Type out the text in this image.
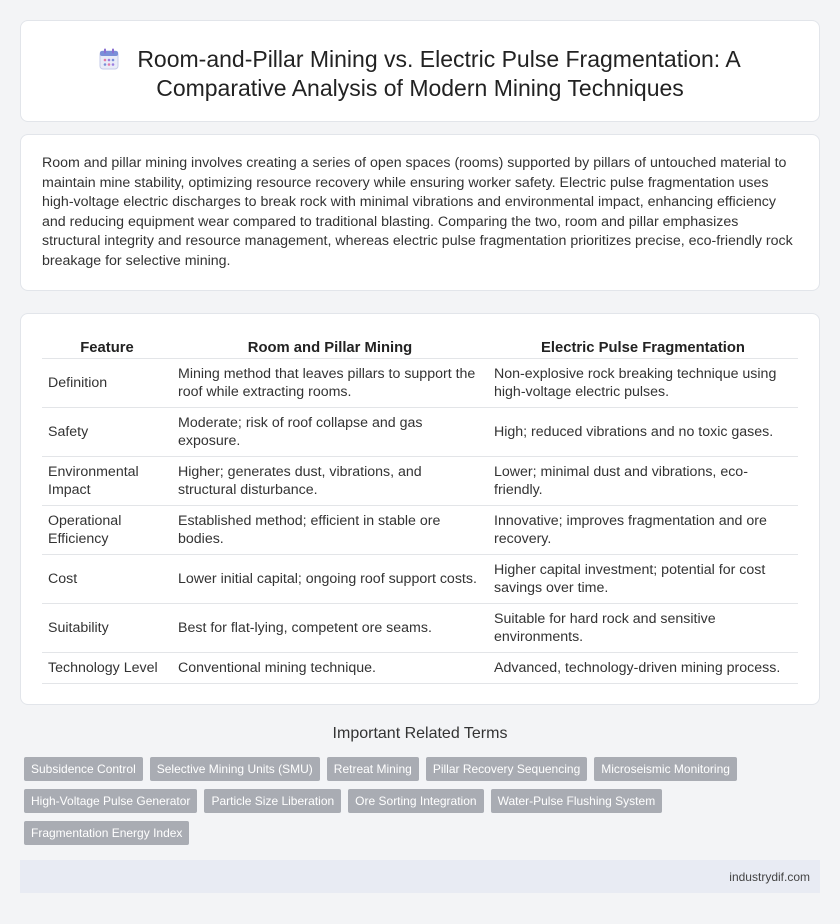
Room-and-Pillar Mining vs. Electric Pulse Fragmentation: A
Comparative Analysis of Modern Mining Techniques

Room and pillar mining involves creating a series of open spaces (rooms) supported by pillars of untouched material to maintain mine stability, optimizing resource recovery while ensuring worker safety. Electric pulse fragmentation uses high-voltage electric discharges to break rock with minimal vibrations and environmental impact, enhancing efficiency and reducing equipment wear compared to traditional blasting. Comparing the two, room and pillar emphasizes structural integrity and resource management, whereas electric pulse fragmentation prioritizes precise, eco-friendly rock breakage for selective mining.

Feature	Room and Pillar Mining	Electric Pulse Fragmentation
Definition	Mining method that leaves pillars to support the roof while extracting rooms.	Non-explosive rock breaking technique using high-voltage electric pulses.
Safety	Moderate; risk of roof collapse and gas exposure.	High; reduced vibrations and no toxic gases.
Environmental Impact	Higher; generates dust, vibrations, and structural disturbance.	Lower; minimal dust and vibrations, eco-friendly.
Operational Efficiency	Established method; efficient in stable ore bodies.	Innovative; improves fragmentation and ore recovery.
Cost	Lower initial capital; ongoing roof support costs.	Higher capital investment; potential for cost savings over time.
Suitability	Best for flat-lying, competent ore seams.	Suitable for hard rock and sensitive environments.
Technology Level	Conventional mining technique.	Advanced, technology-driven mining process.
Important Related Terms
Subsidence Control	Selective Mining Units (SMU)	Retreat Mining	Pillar Recovery Sequencing	Microseismic Monitoring
High-Voltage Pulse Generator	Particle Size Liberation	Ore Sorting Integration	Water-Pulse Flushing System
Fragmentation Energy Index
industrydif.com
